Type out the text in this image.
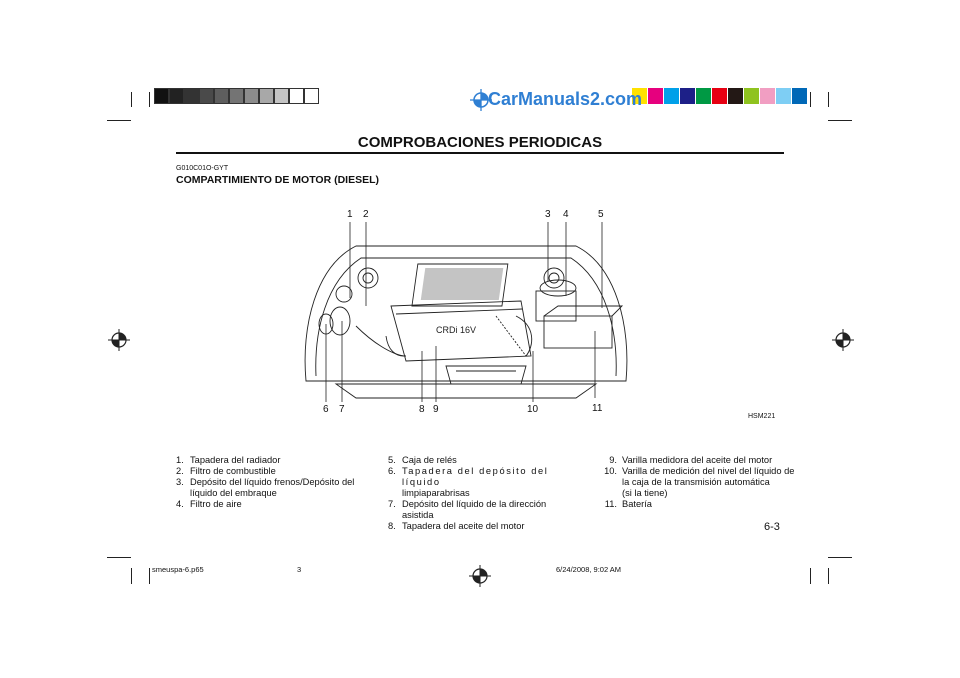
CarManuals2.com
COMPROBACIONES PERIODICAS
G010C01O-GYT
COMPARTIMIENTO DE MOTOR (DIESEL)
CRDi 16V
1 2	3 4	5
6 7	8 9	10	11
HSM221
1. Tapadera del radiador
2. Filtro de combustible
3. Depósito del líquido frenos/Depósito del
líquido del embraque
4. Filtro de aire
5. Caja de relés
6. Tapadera del depósito del líquido
limpiaparabrisas
7. Depósito del líquido de la dirección asistida
8. Tapadera del aceite del motor
9. Varilla medidora del aceite del motor
10. Varilla de medición del nivel del líquido de
la caja de la transmisión automática
(si la tiene)
11. Batería
6-3
smeuspa-6.p65	3	6/24/2008, 9:02 AM
